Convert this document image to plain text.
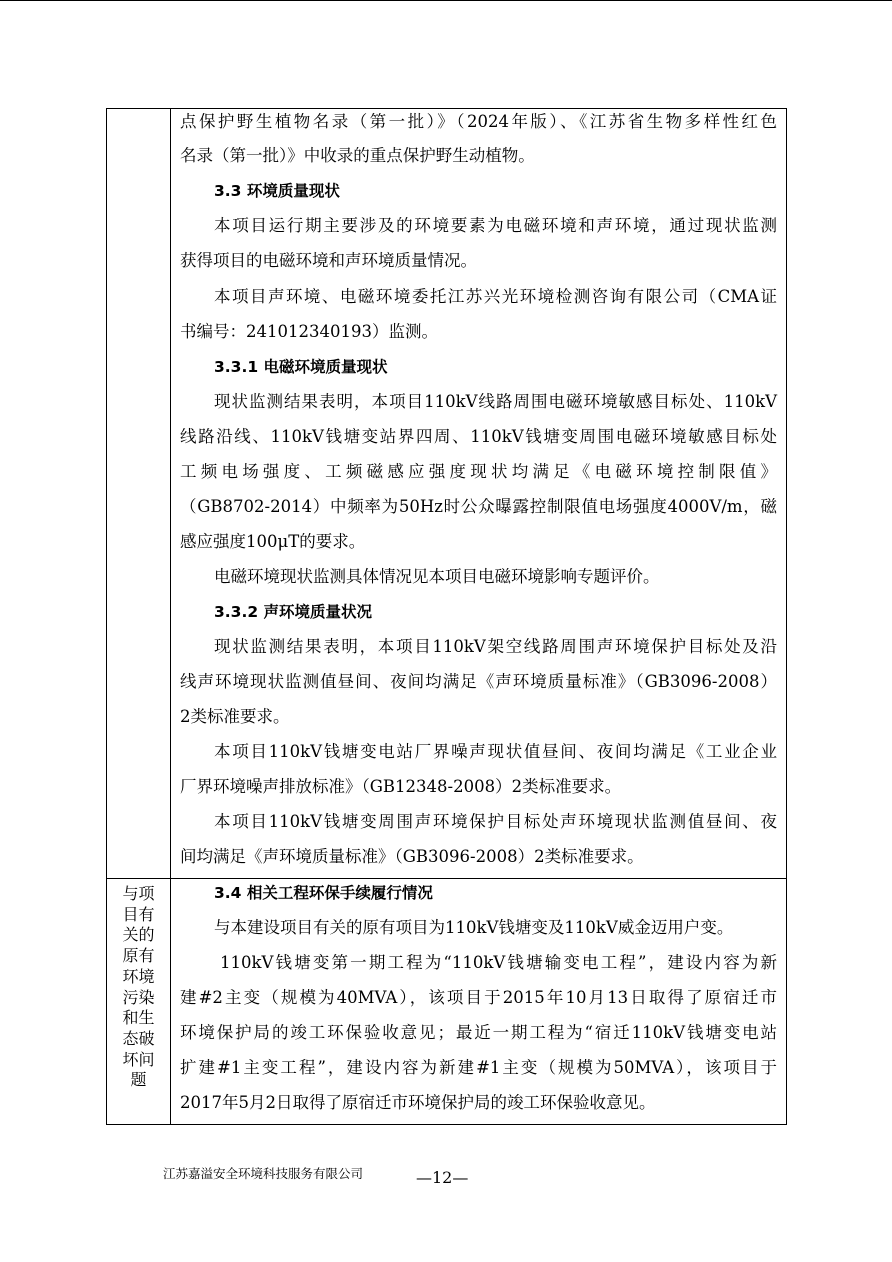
与项
目有
关的
原有
环境
污染
和生
态破
坏问
题
点保护野生植物名录（第一批）》（2024年版）、《江苏省生物多样性红色
名录（第一批）》中收录的重点保护野生动植物。
3.3 环境质量现状
本项目运行期主要涉及的环境要素为电磁环境和声环境，通过现状监测
获得项目的电磁环境和声环境质量情况。
本项目声环境、电磁环境委托江苏兴光环境检测咨询有限公司（CMA证
书编号：241012340193）监测。
3.3.1 电磁环境质量现状
现状监测结果表明，本项目110kV线路周围电磁环境敏感目标处、110kV
线路沿线、110kV钱塘变站界四周、110kV钱塘变周围电磁环境敏感目标处
工频电场强度、工频磁感应强度现状均满足《电磁环境控制限值》
（GB8702-2014）中频率为50Hz时公众曝露控制限值电场强度4000V/m，磁
感应强度100μT的要求。
电磁环境现状监测具体情况见本项目电磁环境影响专题评价。
3.3.2 声环境质量状况
现状监测结果表明，本项目110kV架空线路周围声环境保护目标处及沿
线声环境现状监测值昼间、夜间均满足《声环境质量标准》（GB3096-2008）
2类标准要求。
本项目110kV钱塘变电站厂界噪声现状值昼间、夜间均满足《工业企业
厂界环境噪声排放标准》（GB12348-2008）2类标准要求。
本项目110kV钱塘变周围声环境保护目标处声环境现状监测值昼间、夜
间均满足《声环境质量标准》（GB3096-2008）2类标准要求。
3.4 相关工程环保手续履行情况
与本建设项目有关的原有项目为110kV钱塘变及110kV威金迈用户变。
110kV钱塘变第一期工程为“110kV钱塘输变电工程”，建设内容为新
建#2主变（规模为40MVA），该项目于2015年10月13日取得了原宿迁市
环境保护局的竣工环保验收意见；最近一期工程为“宿迁110kV钱塘变电站
扩建#1主变工程”，建设内容为新建#1主变（规模为50MVA），该项目于
2017年5月2日取得了原宿迁市环境保护局的竣工环保验收意见。
江苏嘉溢安全环境科技服务有限公司	—12—
